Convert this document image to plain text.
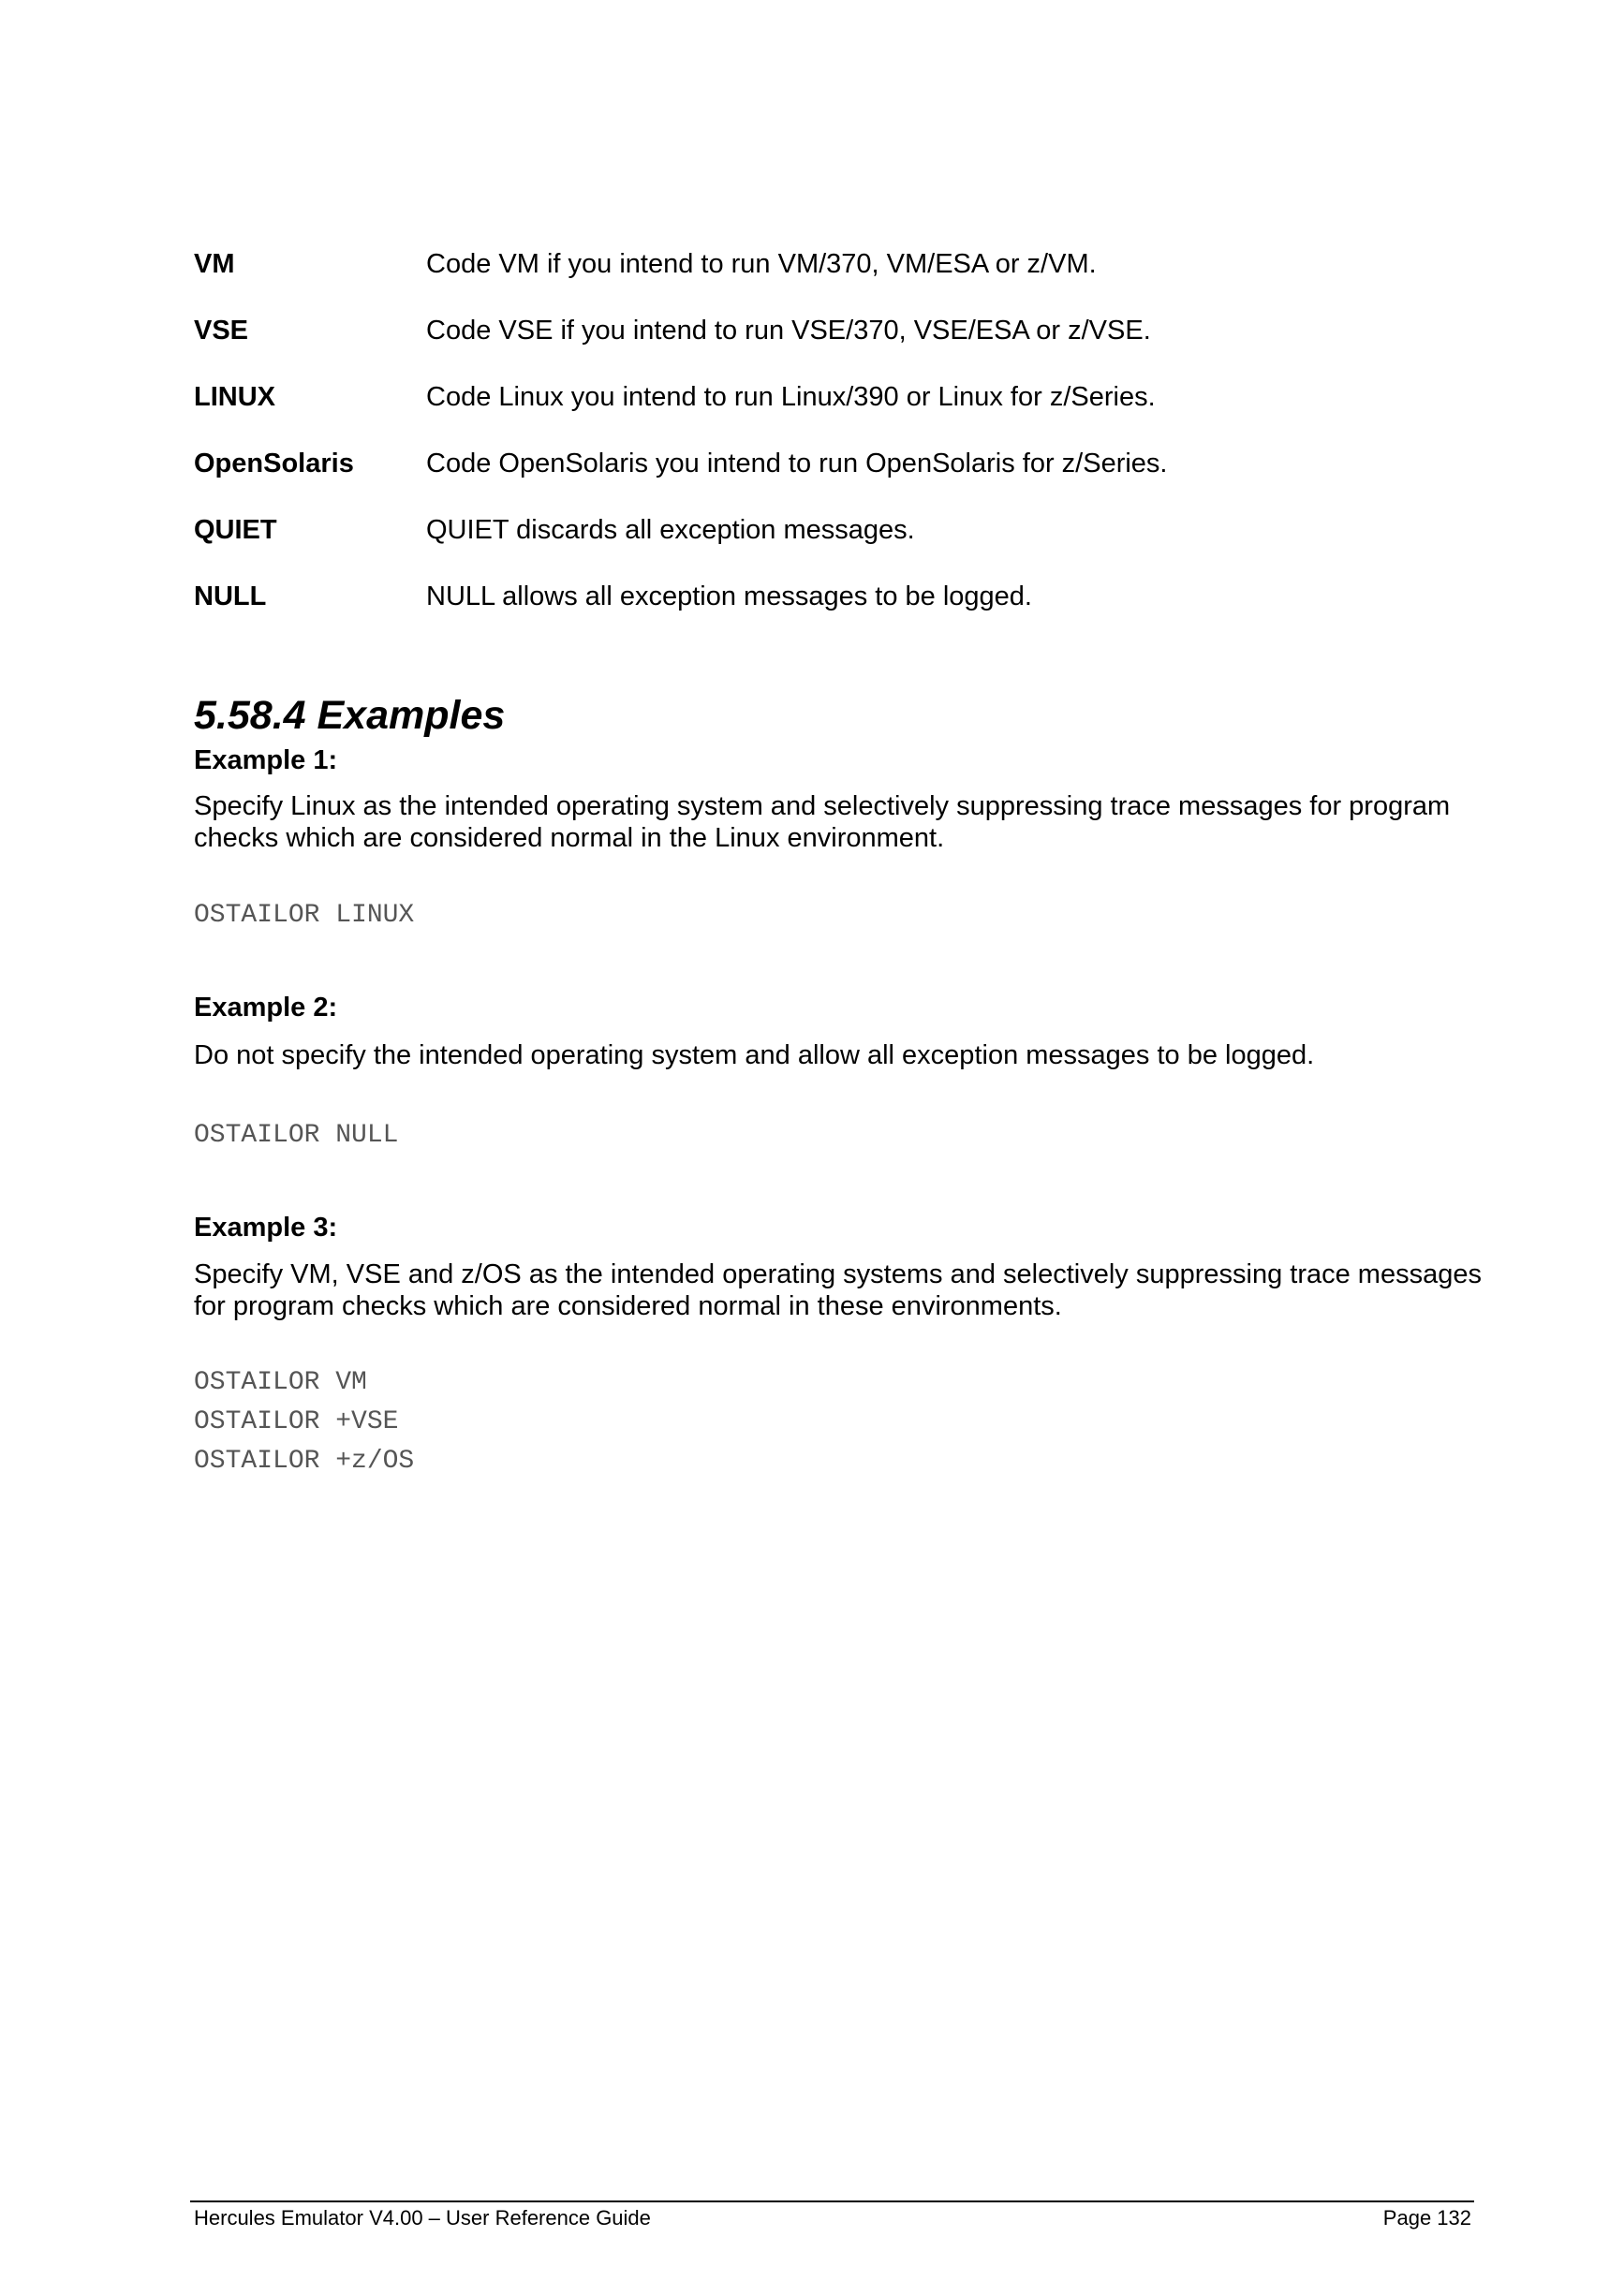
VM	Code VM if you intend to run VM/370, VM/ESA or z/VM.
VSE	Code VSE if you intend to run VSE/370, VSE/ESA or z/VSE.
LINUX	Code Linux you intend to run Linux/390 or Linux for z/Series.
OpenSolaris	Code OpenSolaris you intend to run OpenSolaris for z/Series.
QUIET	QUIET discards all exception messages.
NULL	NULL allows all exception messages to be logged.
5.58.4 Examples
Example 1:
Specify Linux as the intended operating system and selectively suppressing trace messages for program checks which are considered normal in the Linux environment.
OSTAILOR LINUX
Example 2:
Do not specify the intended operating system and allow all exception messages to be logged.
OSTAILOR NULL
Example 3:
Specify VM, VSE and z/OS as the intended operating systems and selectively suppressing trace messages for program checks which are considered normal in these environments.
OSTAILOR VM
OSTAILOR +VSE
OSTAILOR +z/OS
Hercules Emulator V4.00 – User Reference Guide	Page 132
